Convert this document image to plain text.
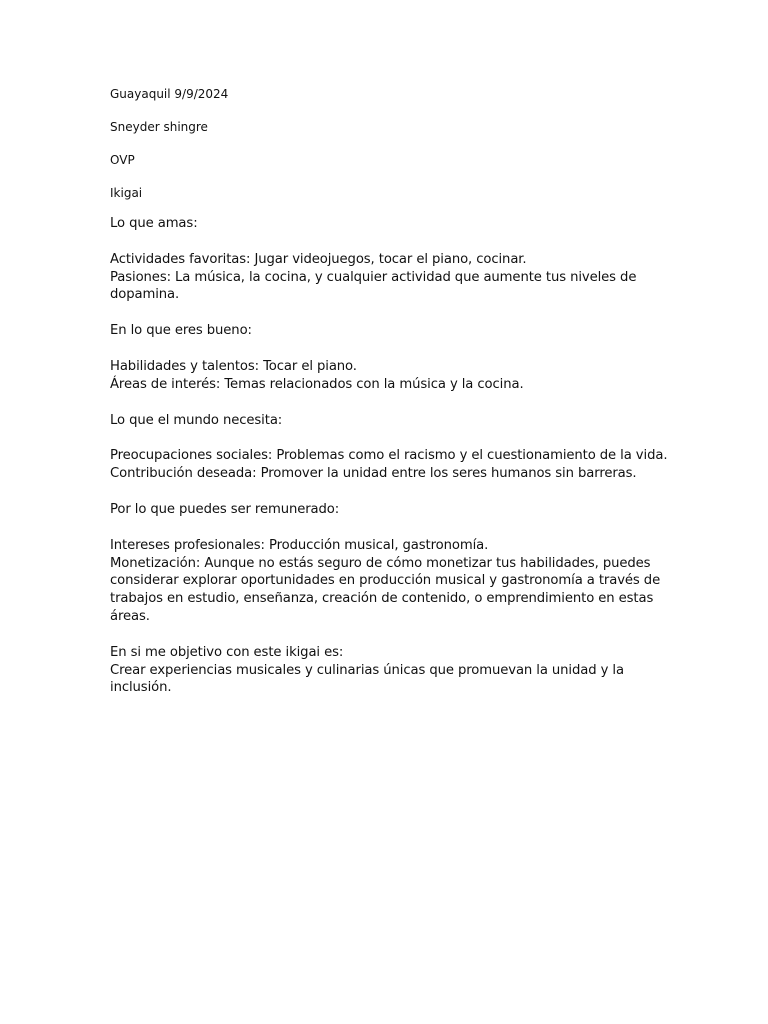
Guayaquil 9/9/2024
Sneyder shingre
OVP
Ikigai

Lo que amas:

Actividades favoritas: Jugar videojuegos, tocar el piano, cocinar.

Pasiones: La música, la cocina, y cualquier actividad que aumente tus niveles de dopamina.

En lo que eres bueno:

Habilidades y talentos: Tocar el piano.

Áreas de interés: Temas relacionados con la música y la cocina.

Lo que el mundo necesita:

Preocupaciones sociales: Problemas como el racismo y el cuestionamiento de la vida.

Contribución deseada: Promover la unidad entre los seres humanos sin barreras.

Por lo que puedes ser remunerado:

Intereses profesionales: Producción musical, gastronomía.

Monetización: Aunque no estás seguro de cómo monetizar tus habilidades, puedes considerar explorar oportunidades en producción musical y gastronomía a través de trabajos en estudio, enseñanza, creación de contenido, o emprendimiento en estas áreas.

En si me objetivo con este ikigai es:

Crear experiencias musicales y culinarias únicas que promuevan la unidad y la inclusión.
